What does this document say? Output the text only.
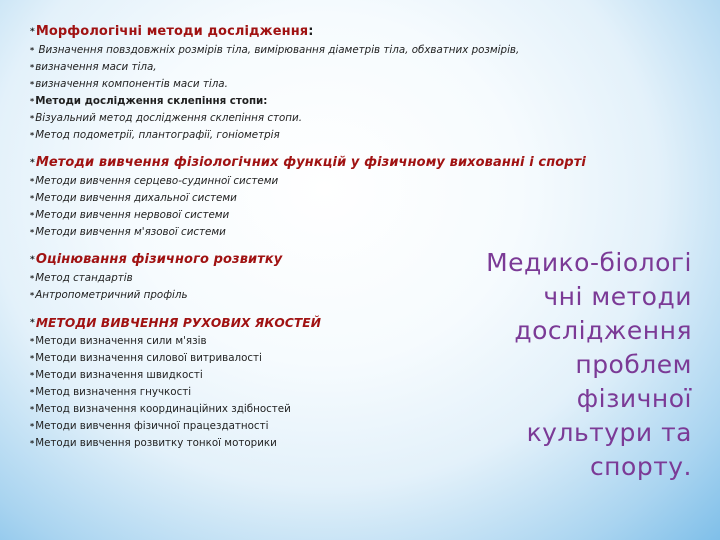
*Морфологічні методи дослідження:
* Визначення повздовжніх розмірів тіла, вимірювання діаметрів тіла, обхватних розмірів,
*визначення маси тіла,
*визначення компонентів маси тіла.
*Методи дослідження склепіння стопи:
*Візуальний метод дослідження склепіння стопи.
*Метод подометрії, плантографії, гоніометрія
*Методи вивчення фізіологічних функцій у фізичному вихованні і спорті
*Методи вивчення серцево-судинної системи
*Методи вивчення дихальної системи
*Методи вивчення нервової системи
*Методи вивчення м'язової системи
*Оцінювання фізичного розвитку
*Метод стандартів
*Антропометричний профіль
*МЕТОДИ ВИВЧЕННЯ РУХОВИХ ЯКОСТЕЙ
*Методи визначення сили м'язів
*Методи визначення силової витривалості
*Методи визначення швидкості
*Метод визначення гнучкості
*Метод визначення координаційних здібностей
*Методи вивчення фізичної працездатності
*Методи вивчення розвитку тонкої моторики
Медико-біологі
чні методи
дослідження
проблем
фізичної
культури та
спорту.
